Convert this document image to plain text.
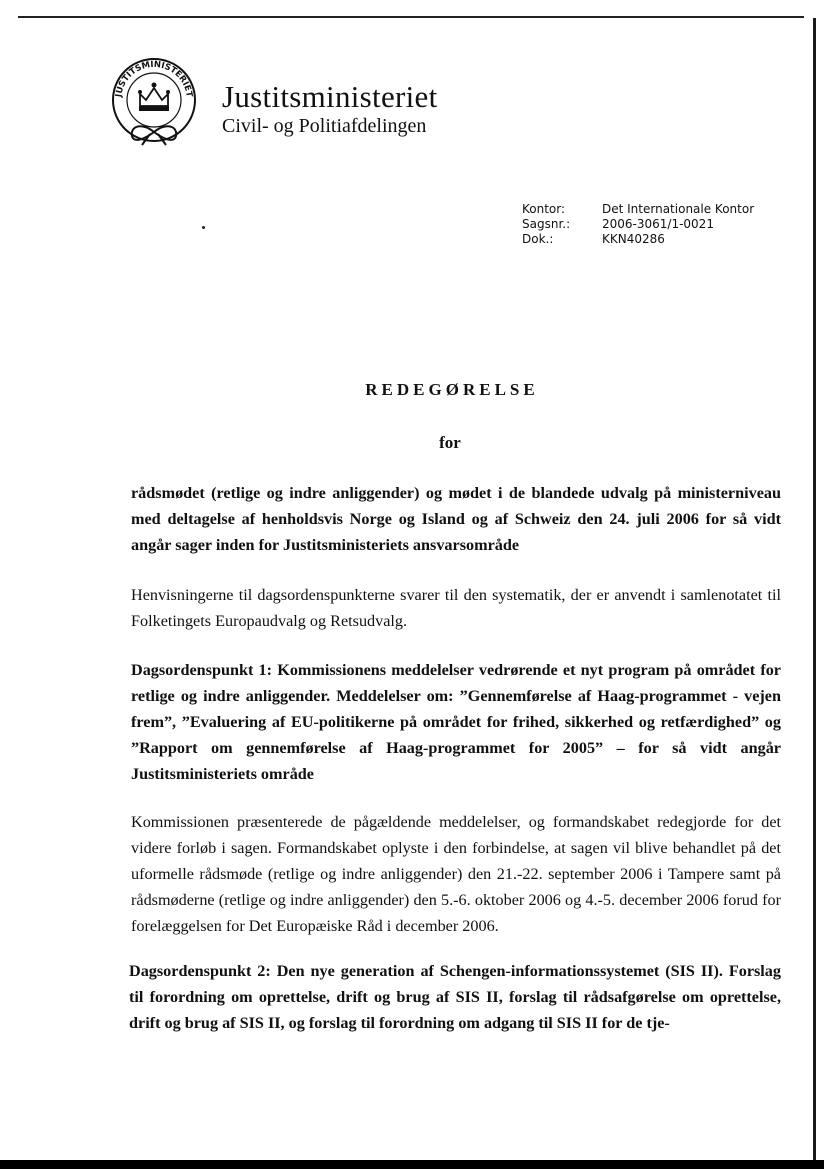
JUSTITSMINISTERIET Justitsministeriet
Civil- og Politiafdelingen
Kontor:	Det Internationale Kontor
Sagsnr.:	2006-3061/1-0021
Dok.:	KKN40286
REDEGØRELSE
for
rådsmødet (retlige og indre anliggender) og mødet i de blandede udvalg på ministerniveau med deltagelse af henholdsvis Norge og Island og af Schweiz den 24. juli 2006 for så vidt angår sager inden for Justitsministeriets ansvarsområde
Henvisningerne til dagsordenspunkterne svarer til den systematik, der er anvendt i samlenotatet til Folketingets Europaudvalg og Retsudvalg.
Dagsordenspunkt 1: Kommissionens meddelelser vedrørende et nyt program på området for retlige og indre anliggender. Meddelelser om: ”Gennemførelse af Haag-programmet - vejen frem”, ”Evaluering af EU-politikerne på området for frihed, sikkerhed og retfærdighed” og ”Rapport om gennemførelse af Haag-programmet for 2005” – for så vidt angår Justitsministeriets område
Kommissionen præsenterede de pågældende meddelelser, og formandskabet redegjorde for det videre forløb i sagen. Formandskabet oplyste i den forbindelse, at sagen vil blive behandlet på det uformelle rådsmøde (retlige og indre anliggender) den 21.-22. september 2006 i Tampere samt på rådsmøderne (retlige og indre anliggender) den 5.-6. oktober 2006 og 4.-5. december 2006 forud for forelæggelsen for Det Europæiske Råd i december 2006.
Dagsordenspunkt 2: Den nye generation af Schengen-informationssystemet (SIS II). Forslag til forordning om oprettelse, drift og brug af SIS II, forslag til rådsafgørelse om oprettelse, drift og brug af SIS II, og forslag til forordning om adgang til SIS II for de tje-
